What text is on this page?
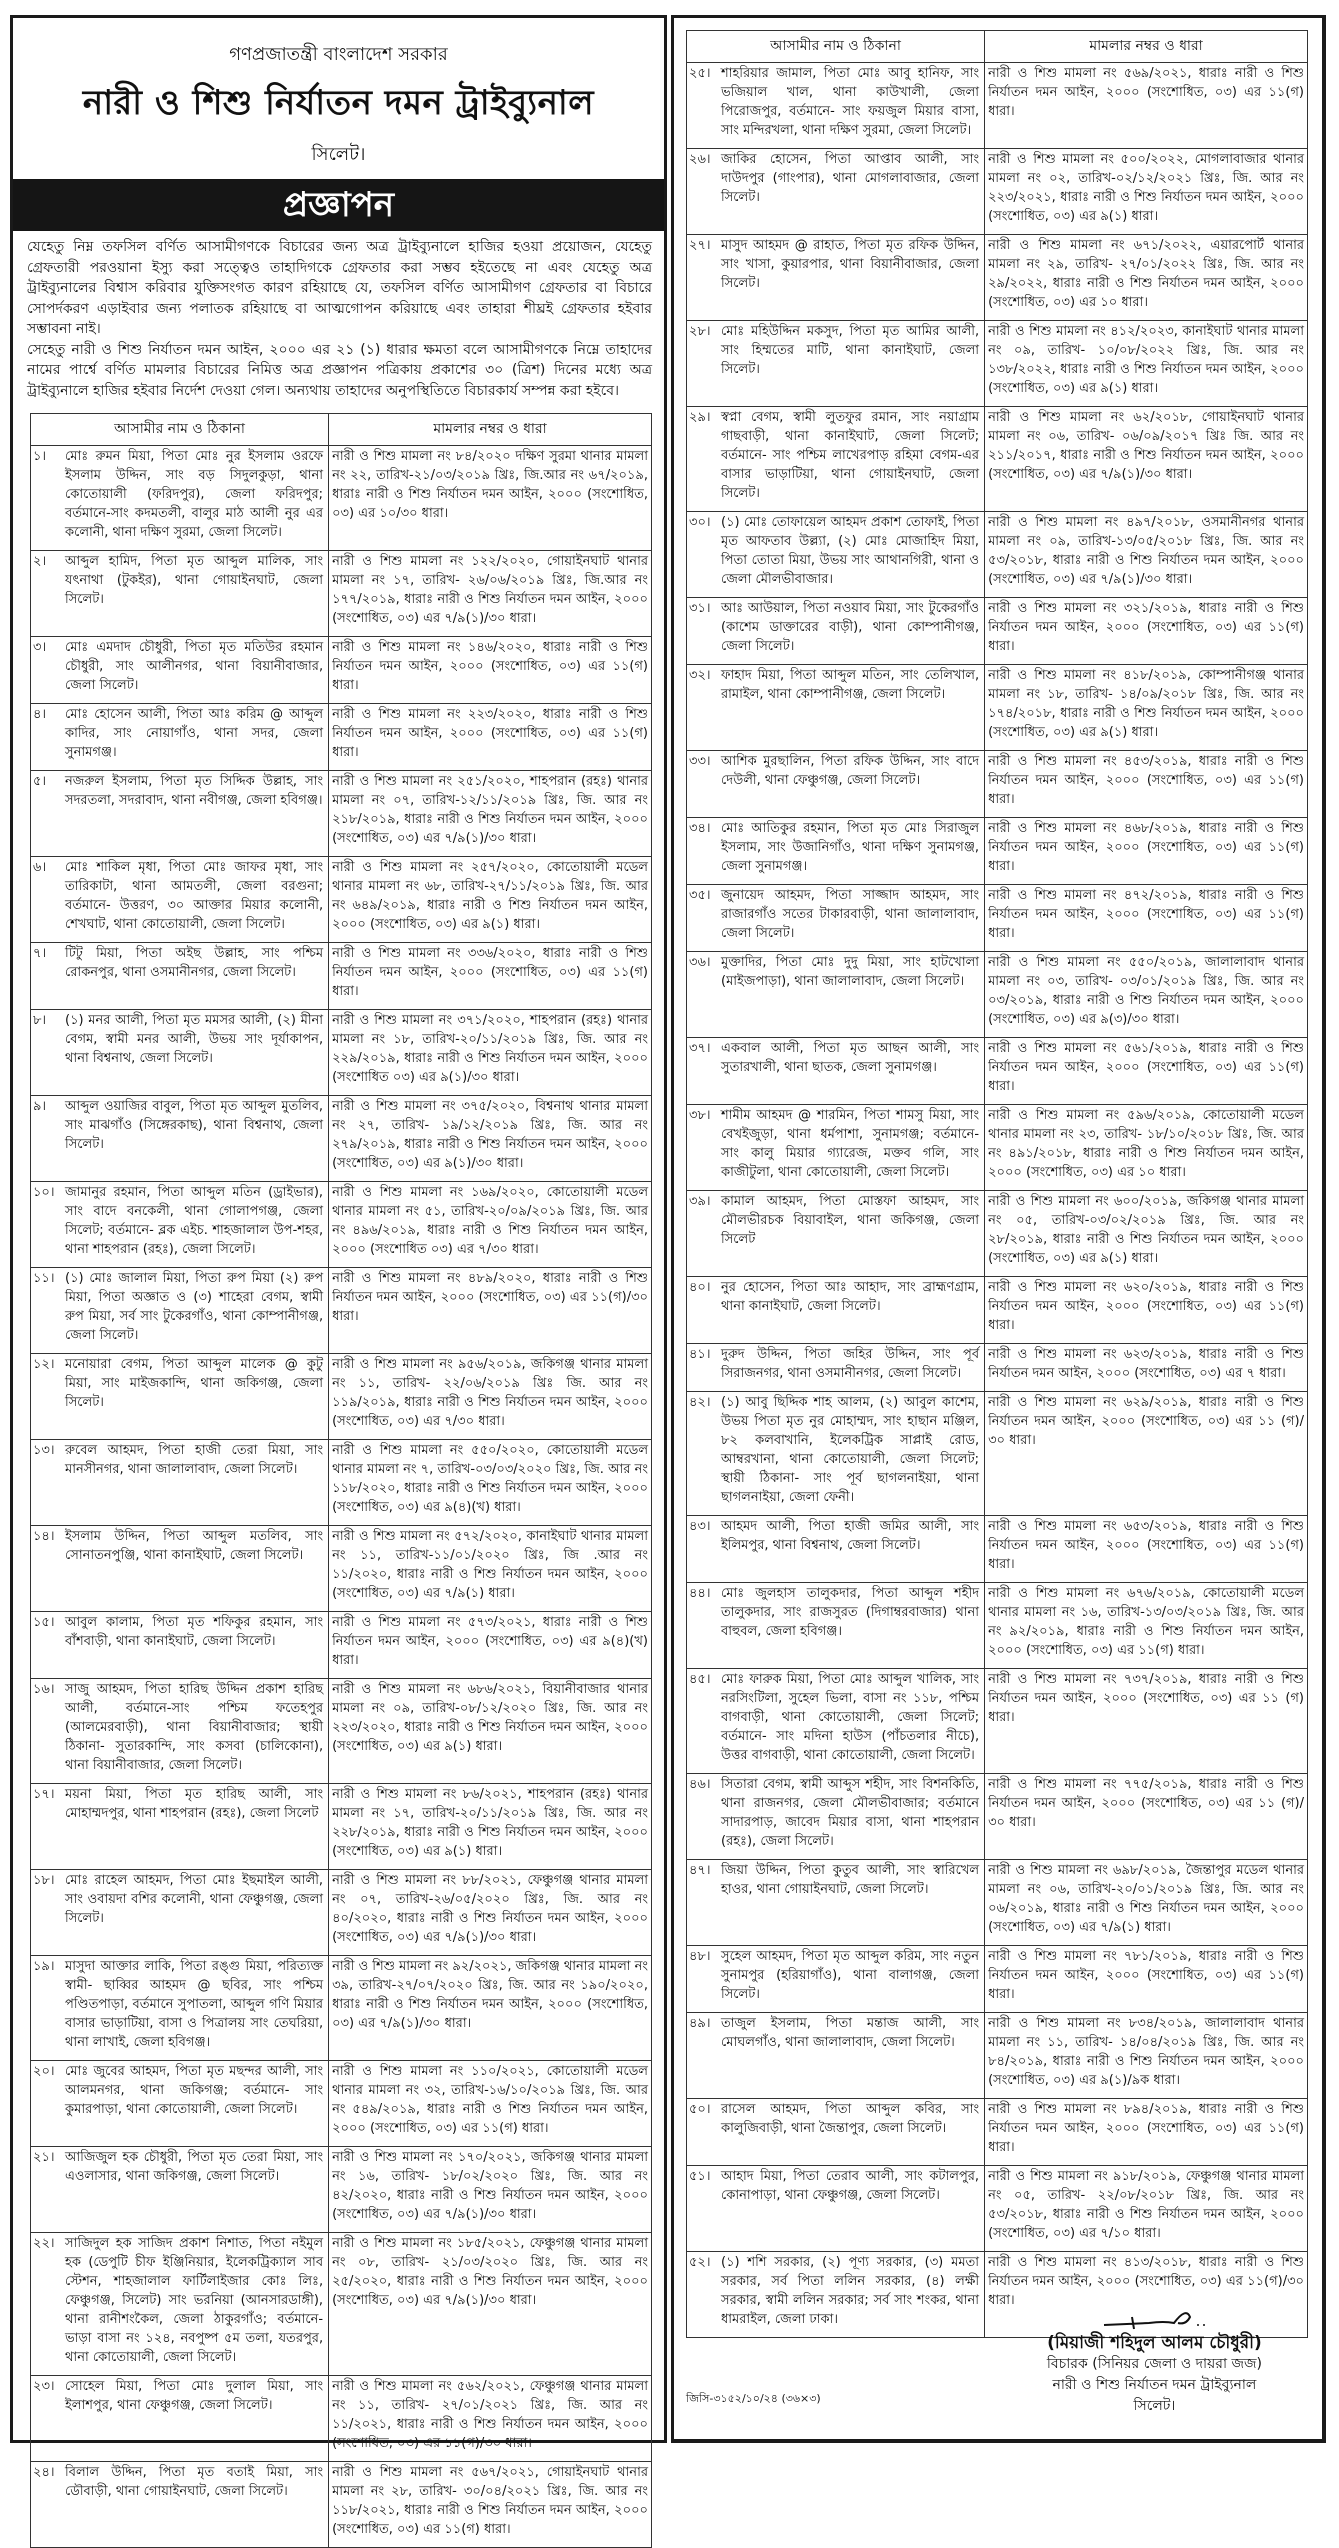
গণপ্রজাতন্ত্রী বাংলাদেশ সরকার
নারী ও শিশু নির্যাতন দমন ট্রাইব্যুনাল
সিলেট।
প্রজ্ঞাপন
যেহেতু নিম্ন তফসিল বর্ণিত আসামীগণকে বিচারের জন্য অত্র ট্রাইব্যুনালে হাজির হওয়া প্রয়োজন, যেহেতু গ্রেফতারী পরওয়ানা ইস্যু করা সত্ত্বেও তাহাদিগকে গ্রেফতার করা সম্ভব হইতেছে না এবং যেহেতু অত্র ট্রাইব্যুনালের বিশ্বাস করিবার যুক্তিসংগত কারণ রহিয়াছে যে, তফসিল বর্ণিত আসামীগণ গ্রেফতার বা বিচারে সোপর্দকরণ এড়াইবার জন্য পলাতক রহিয়াছে বা আত্মগোপন করিয়াছে এবং তাহারা শীঘ্রই গ্রেফতার হইবার সম্ভাবনা নাই।
সেহেতু নারী ও শিশু নির্যাতন দমন আইন, ২০০০ এর ২১ (১) ধারার ক্ষমতা বলে আসামীগণকে নিম্নে তাহাদের নামের পার্শ্বে বর্ণিত মামলার বিচারের নিমিত্ত অত্র প্রজ্ঞাপন পত্রিকায় প্রকাশের ৩০ (ত্রিশ) দিনের মধ্যে অত্র ট্রাইব্যুনালে হাজির হইবার নির্দেশ দেওয়া গেল। অন্যথায় তাহাদের অনুপস্থিতিতে বিচারকার্য সম্পন্ন করা হইবে।
আসামীর নাম ও ঠিকানা	মামলার নম্বর ও ধারা
১। মোঃ রুমন মিয়া, পিতা মোঃ নুর ইসলাম ওরফে ইসলাম উদ্দিন, সাং বড় সিদুলকুড়া, থানা কোতোয়ালী (ফরিদপুর), জেলা ফরিদপুর; বর্তমানে-সাং কদমতলী, বালুর মাঠ আলী নুর এর কলোনী, থানা দক্ষিণ সুরমা, জেলা সিলেট।	নারী ও শিশু মামলা নং ৮৪/২০২০ দক্ষিণ সুরমা থানার মামলা নং ২২, তারিখ-২১/০৩/২০১৯ খ্রিঃ, জি.আর নং ৬৭/২০১৯, ধারাঃ নারী ও শিশু নির্যাতন দমন আইন, ২০০০ (সংশোধিত, ০৩) এর ১০/৩০ ধারা।
২। আব্দুল হামিদ, পিতা মৃত আব্দুল মালিক, সাং যৎনাথা (টুকইর), থানা গোয়াইনঘাট, জেলা সিলেট।	নারী ও শিশু মামলা নং ১২২/২০২০, গোয়াইনঘাট থানার মামলা নং ১৭, তারিখ- ২৬/০৬/২০১৯ খ্রিঃ, জি.আর নং ১৭৭/২০১৯, ধারাঃ নারী ও শিশু নির্যাতন দমন আইন, ২০০০ (সংশোধিত, ০৩) এর ৭/৯(১)/৩০ ধারা।
৩। মোঃ এমদাদ চৌধুরী, পিতা মৃত মতিউর রহমান চৌধুরী, সাং আলীনগর, থানা বিয়ানীবাজার, জেলা সিলেট।	নারী ও শিশু মামলা নং ১৪৬/২০২০, ধারাঃ নারী ও শিশু নির্যাতন দমন আইন, ২০০০ (সংশোধিত, ০৩) এর ১১(গ) ধারা।
৪। মোঃ হোসেন আলী, পিতা আঃ করিম @ আব্দুল কাদির, সাং নোয়াগাঁও, থানা সদর, জেলা সুনামগঞ্জ।	নারী ও শিশু মামলা নং ২২৩/২০২০, ধারাঃ নারী ও শিশু নির্যাতন দমন আইন, ২০০০ (সংশোধিত, ০৩) এর ১১(গ) ধারা।
৫। নজরুল ইসলাম, পিতা মৃত সিদ্দিক উল্লাহ, সাং সদরতলা, সদরাবাদ, থানা নবীগঞ্জ, জেলা হবিগঞ্জ।	নারী ও শিশু মামলা নং ২৫১/২০২০, শাহপরান (রহঃ) থানার মামলা নং ০৭, তারিখ-১২/১১/২০১৯ খ্রিঃ, জি. আর নং ২১৮/২০১৯, ধারাঃ নারী ও শিশু নির্যাতন দমন আইন, ২০০০ (সংশোধিত, ০৩) এর ৭/৯(১)/৩০ ধারা।
৬। মোঃ শাকিল মৃধা, পিতা মোঃ জাফর মৃধা, সাং তারিকাটা, থানা আমতলী, জেলা বরগুনা; বর্তমানে- উত্তরণ, ৩০ আক্তার মিয়ার কলোনী, শেখঘাট, থানা কোতোয়ালী, জেলা সিলেট।	নারী ও শিশু মামলা নং ২৫৭/২০২০, কোতোয়ালী মডেল থানার মামলা নং ৬৮, তারিখ-২৭/১১/২০১৯ খ্রিঃ, জি. আর নং ৬৪৯/২০১৯, ধারাঃ নারী ও শিশু নির্যাতন দমন আইন, ২০০০ (সংশোধিত, ০৩) এর ৯(১) ধারা।
৭। টিটু মিয়া, পিতা অইছ উল্লাহ, সাং পশ্চিম রোকনপুর, থানা ওসমানীনগর, জেলা সিলেট।	নারী ও শিশু মামলা নং ৩৩৬/২০২০, ধারাঃ নারী ও শিশু নির্যাতন দমন আইন, ২০০০ (সংশোধিত, ০৩) এর ১১(গ) ধারা।
৮। (১) মনর আলী, পিতা মৃত মমসর আলী, (২) মীনা বেগম, স্বামী মনর আলী, উভয় সাং দূর্যাকাপন, থানা বিশ্বনাথ, জেলা সিলেট।	নারী ও শিশু মামলা নং ৩৭১/২০২০, শাহপরান (রহঃ) থানার মামলা নং ১৮, তারিখ-২০/১১/২০১৯ খ্রিঃ, জি. আর নং ২২৯/২০১৯, ধারাঃ নারী ও শিশু নির্যাতন দমন আইন, ২০০০ (সংশোধিত ০৩) এর ৯(১)/৩০ ধারা।
৯। আব্দুল ওয়াজির বাবুল, পিতা মৃত আব্দুল মুতলিব, সাং মাঝগাঁও (সিঙ্গেরকাছ), থানা বিশ্বনাথ, জেলা সিলেট।	নারী ও শিশু মামলা নং ৩৭৫/২০২০, বিশ্বনাথ থানার মামলা নং ২৭, তারিখ- ১৯/১২/২০১৯ খ্রিঃ, জি. আর নং ২৭৯/২০১৯, ধারাঃ নারী ও শিশু নির্যাতন দমন আইন, ২০০০ (সংশোধিত, ০৩) এর ৯(১)/৩০ ধারা।
১০। জামানুর রহমান, পিতা আব্দুল মতিন (ড্রাইভার), সাং বাদে বনকেলী, থানা গোলাপগঞ্জ, জেলা সিলেট; বর্তমানে- ব্লক এইচ. শাহজালাল উপ-শহর, থানা শাহপরান (রহঃ), জেলা সিলেট।	নারী ও শিশু মামলা নং ১৬৯/২০২০, কোতোয়ালী মডেল থানার মামলা নং ৫১, তারিখ-২০/০৯/২০১৯ খ্রিঃ, জি. আর নং ৪৯৬/২০১৯, ধারাঃ নারী ও শিশু নির্যাতন দমন আইন, ২০০০ (সংশোধিত ০৩) এর ৭/৩০ ধারা।
১১। (১) মোঃ জালাল মিয়া, পিতা রুপ মিয়া (২) রুপ মিয়া, পিতা অজ্ঞাত ও (৩) শাহেরা বেগম, স্বামী রুপ মিয়া, সর্ব সাং টুকেরগাঁও, থানা কোম্পানীগঞ্জ, জেলা সিলেট।	নারী ও শিশু মামলা নং ৪৮৯/২০২০, ধারাঃ নারী ও শিশু নির্যাতন দমন আইন, ২০০০ (সংশোধিত, ০৩) এর ১১(গ)/৩০ ধারা।
১২। মনোয়ারা বেগম, পিতা আব্দুল মালেক @ কুটু মিয়া, সাং মাইজকান্দি, থানা জকিগঞ্জ, জেলা সিলেট।	নারী ও শিশু মামলা নং ৯৫৬/২০১৯, জকিগঞ্জ থানার মামলা নং ১১, তারিখ- ২২/০৬/২০১৯ খ্রিঃ জি. আর নং ১১৯/২০১৯, ধারাঃ নারী ও শিশু নির্যাতন দমন আইন, ২০০০ (সংশোধিত, ০৩) এর ৭/৩০ ধারা।
১৩। রুবেল আহমদ, পিতা হাজী তেরা মিয়া, সাং মানসীনগর, থানা জালালাবাদ, জেলা সিলেট।	নারী ও শিশু মামলা নং ৫৫০/২০২০, কোতোয়ালী মডেল থানার মামলা নং ৭, তারিখ-০৩/০৩/২০২০ খ্রিঃ, জি. আর নং ১১৮/২০২০, ধারাঃ নারী ও শিশু নির্যাতন দমন আইন, ২০০০ (সংশোধিত, ০৩) এর ৯(৪)(খ) ধারা।
১৪। ইসলাম উদ্দিন, পিতা আব্দুল মতলিব, সাং সোনাতনপুঞ্জি, থানা কানাইঘাট, জেলা সিলেট।	নারী ও শিশু মামলা নং ৫৭২/২০২০, কানাইঘাট থানার মামলা নং ১১, তারিখ-১১/০১/২০২০ খ্রিঃ, জি .আর নং ১১/২০২০, ধারাঃ নারী ও শিশু নির্যাতন দমন আইন, ২০০০ (সংশোধিত, ০৩) এর ৭/৯(১) ধারা।
১৫। আবুল কালাম, পিতা মৃত শফিকুর রহমান, সাং বাঁশবাড়ী, থানা কানাইঘাট, জেলা সিলেট।	নারী ও শিশু মামলা নং ৫৭৩/২০২১, ধারাঃ নারী ও শিশু নির্যাতন দমন আইন, ২০০০ (সংশোধিত, ০৩) এর ৯(৪)(খ) ধারা।
১৬। সাজু আহমদ, পিতা হারিছ উদ্দিন প্রকাশ হারিছ আলী, বর্তমানে-সাং পশ্চিম ফতেহপুর (আলমেরবাড়ী), থানা বিয়ানীবাজার; স্থায়ী ঠিকানা- সুতারকান্দি, সাং কসবা (চালিকোনা), থানা বিয়ানীবাজার, জেলা সিলেট।	নারী ও শিশু মামলা নং ৬৮৬/২০২১, বিয়ানীবাজার থানার মামলা নং ০৯, তারিখ-০৮/১২/২০২০ খ্রিঃ, জি. আর নং ২২৩/২০২০, ধারাঃ নারী ও শিশু নির্যাতন দমন আইন, ২০০০ (সংশোধিত, ০৩) এর ৯(১) ধারা।
১৭। ময়না মিয়া, পিতা মৃত হারিছ আলী, সাং মোহাম্মদপুর, থানা শাহপরান (রহঃ), জেলা সিলেট	নারী ও শিশু মামলা নং ৮৬/২০২১, শাহপরান (রহঃ) থানার মামলা নং ১৭, তারিখ-২০/১১/২০১৯ খ্রিঃ, জি. আর নং ২২৮/২০১৯, ধারাঃ নারী ও শিশু নির্যাতন দমন আইন, ২০০০ (সংশোধিত, ০৩) এর ৯(১) ধারা।
১৮। মোঃ রাহেল আহমদ, পিতা মোঃ ইছমাইল আলী, সাং ওবায়দা বশির কলোনী, থানা ফেঞ্চুগঞ্জ, জেলা সিলেট।	নারী ও শিশু মামলা নং ৮৮/২০২১, ফেঞ্চুগঞ্জ থানার মামলা নং ০৭, তারিখ-২৬/০৫/২০২০ খ্রিঃ, জি. আর নং ৪০/২০২০, ধারাঃ নারী ও শিশু নির্যাতন দমন আইন, ২০০০ (সংশোধিত, ০৩) এর ৭/৯(১)/৩০ ধারা।
১৯। মাসুদা আক্তার লাকি, পিতা রঙ্গু মিয়া, পরিত্যক্ত স্বামী- ছাব্বির আহমদ @ ছবির, সাং পশ্চিম পণ্ডিতপাড়া, বর্তমানে সুপাতলা, আব্দুল গণি মিয়ার বাসার ভাড়াটিয়া, বাসা ও পিত্রালয় সাং তেঘরিয়া, থানা লাখাই, জেলা হবিগঞ্জ।	নারী ও শিশু মামলা নং ৯২/২০২১, জকিগঞ্জ থানার মামলা নং ৩৯, তারিখ-২৭/০৭/২০২০ খ্রিঃ, জি. আর নং ১৯০/২০২০, ধারাঃ নারী ও শিশু নির্যাতন দমন আইন, ২০০০ (সংশোধিত, ০৩) এর ৭/৯(১)/৩০ ধারা।
২০। মোঃ জুবের আহমদ, পিতা মৃত মছন্দর আলী, সাং আলমনগর, থানা জকিগঞ্জ; বর্তমানে- সাং কুমারপাড়া, থানা কোতোয়ালী, জেলা সিলেট।	নারী ও শিশু মামলা নং ১১০/২০২১, কোতোয়ালী মডেল থানার মামলা নং ৩২, তারিখ-১৬/১০/২০১৯ খ্রিঃ, জি. আর নং ৫৪৯/২০১৯, ধারাঃ নারী ও শিশু নির্যাতন দমন আইন, ২০০০ (সংশোধিত, ০৩) এর ১১(গ) ধারা।
২১। আজিজুল হক চৌধুরী, পিতা মৃত তেরা মিয়া, সাং এওলাসার, থানা জকিগঞ্জ, জেলা সিলেট।	নারী ও শিশু মামলা নং ১৭০/২০২১, জকিগঞ্জ থানার মামলা নং ১৬, তারিখ- ১৮/০২/২০২০ খ্রিঃ, জি. আর নং ৪২/২০২০, ধারাঃ নারী ও শিশু নির্যাতন দমন আইন, ২০০০ (সংশোধিত, ০৩) এর ৭/৯(১)/৩০ ধারা।
২২। সাজিদুল হক সাজিদ প্রকাশ নিশাত, পিতা নইমুল হক (ডেপুটি চীফ ইঞ্জিনিয়ার, ইলেকট্রিক্যাল সাব স্টেশন, শাহজালাল ফার্টিলাইজার কোঃ লিঃ, ফেঞ্চুগঞ্জ, সিলেট) সাং ভরনিয়া (আনসারডাঙ্গী), থানা রানীশংকৈল, জেলা ঠাকুরগাঁও; বর্তমানে- ভাড়া বাসা নং ১২৪, নবপুষ্প ৫ম তলা, যতরপুর, থানা কোতোয়ালী, জেলা সিলেট।	নারী ও শিশু মামলা নং ১৮৫/২০২১, ফেঞ্চুগঞ্জ থানার মামলা নং ০৮, তারিখ- ২১/০৩/২০২০ খ্রিঃ, জি. আর নং ২৫/২০২০, ধারাঃ নারী ও শিশু নির্যাতন দমন আইন, ২০০০ (সংশোধিত, ০৩) এর ৭/৯(১)/৩০ ধারা।
২৩। সোহেল মিয়া, পিতা মোঃ দুলাল মিয়া, সাং ইলাশপুর, থানা ফেঞ্চুগঞ্জ, জেলা সিলেট।	নারী ও শিশু মামলা নং ৫৬২/২০২১, ফেঞ্চুগঞ্জ থানার মামলা নং ১১, তারিখ- ২৭/০১/২০২১ খ্রিঃ, জি. আর নং ১১/২০২১, ধারাঃ নারী ও শিশু নির্যাতন দমন আইন, ২০০০ (সংশোধিত, ০৩) এর ১১(গ)/৩০ ধারা।
২৪। বিলাল উদ্দিন, পিতা মৃত বতাই মিয়া, সাং ডৌবাড়ী, থানা গোয়াইনঘাট, জেলা সিলেট।	নারী ও শিশু মামলা নং ৫৬৭/২০২১, গোয়াইনঘাট থানার মামলা নং ২৮, তারিখ- ৩০/০৪/২০২১ খ্রিঃ, জি. আর নং ১১৮/২০২১, ধারাঃ নারী ও শিশু নির্যাতন দমন আইন, ২০০০ (সংশোধিত, ০৩) এর ১১(গ) ধারা।
আসামীর নাম ও ঠিকানা	মামলার নম্বর ও ধারা
২৫। শাহরিয়ার জামাল, পিতা মোঃ আবু হানিফ, সাং ভজিয়াল খাল, থানা কাউখালী, জেলা পিরোজপুর, বর্তমানে- সাং ফয়জুল মিয়ার বাসা, সাং মন্দিরখলা, থানা দক্ষিণ সুরমা, জেলা সিলেট।	নারী ও শিশু মামলা নং ৫৬৯/২০২১, ধারাঃ নারী ও শিশু নির্যাতন দমন আইন, ২০০০ (সংশোধিত, ০৩) এর ১১(গ) ধারা।
২৬। জাকির হোসেন, পিতা আপ্তাব আলী, সাং দাউদপুর (গাংপার), থানা মোগলাবাজার, জেলা সিলেট।	নারী ও শিশু মামলা নং ৫০০/২০২২, মোগলাবাজার থানার মামলা নং ০২, তারিখ-০২/১২/২০২১ খ্রিঃ, জি. আর নং ২২৩/২০২১, ধারাঃ নারী ও শিশু নির্যাতন দমন আইন, ২০০০ (সংশোধিত, ০৩) এর ৯(১) ধারা।
২৭। মাসুদ আহমদ @ রাহাত, পিতা মৃত রফিক উদ্দিন, সাং খাসা, কুয়ারপার, থানা বিয়ানীবাজার, জেলা সিলেট।	নারী ও শিশু মামলা নং ৬৭১/২০২২, এয়ারপোর্ট থানার মামলা নং ২৯, তারিখ- ২৭/০১/২০২২ খ্রিঃ, জি. আর নং ২৯/২০২২, ধারাঃ নারী ও শিশু নির্যাতন দমন আইন, ২০০০ (সংশোধিত, ০৩) এর ১০ ধারা।
২৮। মোঃ মহিউদ্দিন মকসুদ, পিতা মৃত আমির আলী, সাং হিম্মতের মাটি, থানা কানাইঘাট, জেলা সিলেট।	নারী ও শিশু মামলা নং ৪১২/২০২৩, কানাইঘাট থানার মামলা নং ০৯, তারিখ- ১০/০৮/২০২২ খ্রিঃ, জি. আর নং ১৩৮/২০২২, ধারাঃ নারী ও শিশু নির্যাতন দমন আইন, ২০০০ (সংশোধিত, ০৩) এর ৯(১) ধারা।
২৯। স্বপ্না বেগম, স্বামী লুতফুর রমান, সাং নয়াগ্রাম গাছবাড়ী, থানা কানাইঘাট, জেলা সিলেট; বর্তমানে- সাং পশ্চিম লাখেরপাড় রহিমা বেগম-এর বাসার ভাড়াটিয়া, থানা গোয়াইনঘাট, জেলা সিলেট।	নারী ও শিশু মামলা নং ৬২/২০১৮, গোয়াইনঘাট থানার মামলা নং ০৬, তারিখ- ০৬/০৯/২০১৭ খ্রিঃ জি. আর নং ২১১/২০১৭, ধারাঃ নারী ও শিশু নির্যাতন দমন আইন, ২০০০ (সংশোধিত, ০৩) এর ৭/৯(১)/৩০ ধারা।
৩০। (১) মোঃ তোফায়েল আহমদ প্রকাশ তোফাই, পিতা মৃত আফতাব উল্ল্যা, (২) মোঃ মোজাহিদ মিয়া, পিতা তোতা মিয়া, উভয় সাং আথানগিরী, থানা ও জেলা মৌলভীবাজার।	নারী ও শিশু মামলা নং ৪৯৭/২০১৮, ওসমানীনগর থানার মামলা নং ০৯, তারিখ-১৩/০৫/২০১৮ খ্রিঃ, জি. আর নং ৫৩/২০১৮, ধারাঃ নারী ও শিশু নির্যাতন দমন আইন, ২০০০ (সংশোধিত, ০৩) এর ৭/৯(১)/৩০ ধারা।
৩১। আঃ আউয়াল, পিতা নওয়াব মিয়া, সাং টুকেরগাঁও (কাশেম ডাক্তারের বাড়ী), থানা কোম্পানীগঞ্জ, জেলা সিলেট।	নারী ও শিশু মামলা নং ৩২১/২০১৯, ধারাঃ নারী ও শিশু নির্যাতন দমন আইন, ২০০০ (সংশোধিত, ০৩) এর ১১(গ) ধারা।
৩২। ফাহাদ মিয়া, পিতা আব্দুল মতিন, সাং তেলিখাল, রামাইল, থানা কোম্পানীগঞ্জ, জেলা সিলেট।	নারী ও শিশু মামলা নং ৪১৮/২০১৯, কোম্পানীগঞ্জ থানার মামলা নং ১৮, তারিখ- ১৪/০৯/২০১৮ খ্রিঃ, জি. আর নং ১৭৪/২০১৮, ধারাঃ নারী ও শিশু নির্যাতন দমন আইন, ২০০০ (সংশোধিত, ০৩) এর ৯(১) ধারা।
৩৩। আশিক মুরছালিন, পিতা রফিক উদ্দিন, সাং বাদে দেউলী, থানা ফেঞ্চুগঞ্জ, জেলা সিলেট।	নারী ও শিশু মামলা নং ৪৫৩/২০১৯, ধারাঃ নারী ও শিশু নির্যাতন দমন আইন, ২০০০ (সংশোধিত, ০৩) এর ১১(গ) ধারা।
৩৪। মোঃ আতিকুর রহমান, পিতা মৃত মোঃ সিরাজুল ইসলাম, সাং উজানিগাঁও, থানা দক্ষিণ সুনামগঞ্জ, জেলা সুনামগঞ্জ।	নারী ও শিশু মামলা নং ৪৬৮/২০১৯, ধারাঃ নারী ও শিশু নির্যাতন দমন আইন, ২০০০ (সংশোধিত, ০৩) এর ১১(গ) ধারা।
৩৫। জুনায়েদ আহমদ, পিতা সাজ্জাদ আহমদ, সাং রাজারগাঁও সতের টাকারবাড়ী, থানা জালালাবাদ, জেলা সিলেট।	নারী ও শিশু মামলা নং ৪৭২/২০১৯, ধারাঃ নারী ও শিশু নির্যাতন দমন আইন, ২০০০ (সংশোধিত, ০৩) এর ১১(গ) ধারা।
৩৬। মুক্তাদির, পিতা মোঃ দুদু মিয়া, সাং হাটখোলা (মাইজপাড়া), থানা জালালাবাদ, জেলা সিলেট।	নারী ও শিশু মামলা নং ৫৫০/২০১৯, জালালাবাদ থানার মামলা নং ০৩, তারিখ- ০৩/০১/২০১৯ খ্রিঃ, জি. আর নং ০৩/২০১৯, ধারাঃ নারী ও শিশু নির্যাতন দমন আইন, ২০০০ (সংশোধিত, ০৩) এর ৯(৩)/৩০ ধারা।
৩৭। একবাল আলী, পিতা মৃত আছন আলী, সাং সুতারখালী, থানা ছাতক, জেলা সুনামগঞ্জ।	নারী ও শিশু মামলা নং ৫৬১/২০১৯, ধারাঃ নারী ও শিশু নির্যাতন দমন আইন, ২০০০ (সংশোধিত, ০৩) এর ১১(গ) ধারা।
৩৮। শামীম আহমদ @ শারমিন, পিতা শামসু মিয়া, সাং বেখইজুড়া, থানা ধর্মপাশা, সুনামগঞ্জ; বর্তমানে- সাং কালু মিয়ার গ্যারেজ, মক্তব গলি, সাং কাজীটুলা, থানা কোতোয়ালী, জেলা সিলেট।	নারী ও শিশু মামলা নং ৫৯৬/২০১৯, কোতোয়ালী মডেল থানার মামলা নং ২৩, তারিখ- ১৮/১০/২০১৮ খ্রিঃ, জি. আর নং ৪৯১/২০১৮, ধারাঃ নারী ও শিশু নির্যাতন দমন আইন, ২০০০ (সংশোধিত, ০৩) এর ১০ ধারা।
৩৯। কামাল আহমদ, পিতা মোস্তফা আহমদ, সাং মৌলভীরচক বিয়াবাইল, থানা জকিগঞ্জ, জেলা সিলেট	নারী ও শিশু মামলা নং ৬০০/২০১৯, জকিগঞ্জ থানার মামলা নং ০৫, তারিখ-০৩/০২/২০১৯ খ্রিঃ, জি. আর নং ২৮/২০১৯, ধারাঃ নারী ও শিশু নির্যাতন দমন আইন, ২০০০ (সংশোধিত, ০৩) এর ৯(১) ধারা।
৪০। নুর হোসেন, পিতা আঃ আহাদ, সাং ব্রাহ্মণগ্রাম, থানা কানাইঘাট, জেলা সিলেট।	নারী ও শিশু মামলা নং ৬২০/২০১৯, ধারাঃ নারী ও শিশু নির্যাতন দমন আইন, ২০০০ (সংশোধিত, ০৩) এর ১১(গ) ধারা।
৪১। দুরুদ উদ্দিন, পিতা জহির উদ্দিন, সাং পূর্ব সিরাজনগর, থানা ওসমানীনগর, জেলা সিলেট।	নারী ও শিশু মামলা নং ৬২৩/২০১৯, ধারাঃ নারী ও শিশু নির্যাতন দমন আইন, ২০০০ (সংশোধিত, ০৩) এর ৭ ধারা।
৪২। (১) আবু ছিদ্দিক শাহ আলম, (২) আবুল কাশেম, উভয় পিতা মৃত নুর মোহাম্মদ, সাং হাছান মঞ্জিল, ৮২ কলবাখানি, ইলেকট্রিক সাপ্লাই রোড, আম্বরখানা, থানা কোতোয়ালী, জেলা সিলেট; স্থায়ী ঠিকানা- সাং পূর্ব ছাগলনাইয়া, থানা ছাগলনাইয়া, জেলা ফেনী।	নারী ও শিশু মামলা নং ৬২৯/২০১৯, ধারাঃ নারী ও শিশু নির্যাতন দমন আইন, ২০০০ (সংশোধিত, ০৩) এর ১১ (গ)/৩০ ধারা।
৪৩। আহমদ আলী, পিতা হাজী জমির আলী, সাং ইলিমপুর, থানা বিশ্বনাথ, জেলা সিলেট।	নারী ও শিশু মামলা নং ৬৫৩/২০১৯, ধারাঃ নারী ও শিশু নির্যাতন দমন আইন, ২০০০ (সংশোধিত, ০৩) এর ১১(গ) ধারা।
৪৪। মোঃ জুলহাস তালুকদার, পিতা আব্দুল শহীদ তালুকদার, সাং রাজসুরত (দিগাম্বরবাজার) থানা বাহুবল, জেলা হবিগঞ্জ।	নারী ও শিশু মামলা নং ৬৭৬/২০১৯, কোতোয়ালী মডেল থানার মামলা নং ১৬, তারিখ-১৩/০৩/২০১৯ খ্রিঃ, জি. আর নং ৯২/২০১৯, ধারাঃ নারী ও শিশু নির্যাতন দমন আইন, ২০০০ (সংশোধিত, ০৩) এর ১১(গ) ধারা।
৪৫। মোঃ ফারুক মিয়া, পিতা মোঃ আব্দুল খালিক, সাং নরসিংটিলা, সুহেল ভিলা, বাসা নং ১১৮, পশ্চিম বাগবাড়ী, থানা কোতোয়ালী, জেলা সিলেট; বর্তমানে- সাং মদিনা হাউস (পাঁচতলার নীচে), উত্তর বাগবাড়ী, থানা কোতোয়ালী, জেলা সিলেট।	নারী ও শিশু মামলা নং ৭৩৭/২০১৯, ধারাঃ নারী ও শিশু নির্যাতন দমন আইন, ২০০০ (সংশোধিত, ০৩) এর ১১ (গ) ধারা।
৪৬। সিতারা বেগম, স্বামী আব্দুস শহীদ, সাং বিশনকিতি, থানা রাজনগর, জেলা মৌলভীবাজার; বর্তমানে সাদারপাড়, জাবেদ মিয়ার বাসা, থানা শাহপরান (রহঃ), জেলা সিলেট।	নারী ও শিশু মামলা নং ৭৭৫/২০১৯, ধারাঃ নারী ও শিশু নির্যাতন দমন আইন, ২০০০ (সংশোধিত, ০৩) এর ১১ (গ)/৩০ ধারা।
৪৭। জিয়া উদ্দিন, পিতা কুতুব আলী, সাং স্বারিখেল হাওর, থানা গোয়াইনঘাট, জেলা সিলেট।	নারী ও শিশু মামলা নং ৬৯৮/২০১৯, জৈন্তাপুর মডেল থানার মামলা নং ০৬, তারিখ-২০/০১/২০১৯ খ্রিঃ, জি. আর নং ০৬/২০১৯, ধারাঃ নারী ও শিশু নির্যাতন দমন আইন, ২০০০ (সংশোধিত, ০৩) এর ৭/৯(১) ধারা।
৪৮। সুহেল আহমদ, পিতা মৃত আব্দুল করিম, সাং নতুন সুনামপুর (হরিয়াগাঁও), থানা বালাগঞ্জ, জেলা সিলেট।	নারী ও শিশু মামলা নং ৭৮১/২০১৯, ধারাঃ নারী ও শিশু নির্যাতন দমন আইন, ২০০০ (সংশোধিত, ০৩) এর ১১(গ) ধারা।
৪৯। তাজুল ইসলাম, পিতা মন্তাজ আলী, সাং মোঘলগাঁও, থানা জালালাবাদ, জেলা সিলেট।	নারী ও শিশু মামলা নং ৮৩৪/২০১৯, জালালাবাদ থানার মামলা নং ১১, তারিখ- ১৪/০৪/২০১৯ খ্রিঃ, জি. আর নং ৮৪/২০১৯, ধারাঃ নারী ও শিশু নির্যাতন দমন আইন, ২০০০ (সংশোধিত, ০৩) এর ৯(১)/৯ক ধারা।
৫০। রাসেল আহমদ, পিতা আব্দুল কবির, সাং কালুজিবাড়ী, থানা জৈন্তাপুর, জেলা সিলেট।	নারী ও শিশু মামলা নং ৮৯৪/২০১৯, ধারাঃ নারী ও শিশু নির্যাতন দমন আইন, ২০০০ (সংশোধিত, ০৩) এর ১১(গ) ধারা।
৫১। আহাদ মিয়া, পিতা তেরাব আলী, সাং কটালপুর, কোনাপাড়া, থানা ফেঞ্চুগঞ্জ, জেলা সিলেট।	নারী ও শিশু মামলা নং ৯১৮/২০১৯, ফেঞ্চুগঞ্জ থানার মামলা নং ০৫, তারিখ- ২২/০৮/২০১৮ খ্রিঃ, জি. আর নং ৫৩/২০১৮, ধারাঃ নারী ও শিশু নির্যাতন দমন আইন, ২০০০ (সংশোধিত, ০৩) এর ৭/১০ ধারা।
৫২। (১) শশি সরকার, (২) পূণ্য সরকার, (৩) মমতা সরকার, সর্ব পিতা ললিন সরকার, (৪) লক্ষী সরকার, স্বামী ললিন সরকার; সর্ব সাং শংকর, থানা ধামরাইল, জেলা ঢাকা।	নারী ও শিশু মামলা নং ৪১৩/২০১৮, ধারাঃ নারী ও শিশু নির্যাতন দমন আইন, ২০০০ (সংশোধিত, ০৩) এর ১১(গ)/৩০ ধারা।
জিসি-৩১৫২/১০/২৪ (৩৬×৩)
(মিয়াজী শহিদুল আলম চৌধুরী)
বিচারক (সিনিয়র জেলা ও দায়রা জজ)
নারী ও শিশু নির্যাতন দমন ট্রাইব্যুনাল
সিলেট।
